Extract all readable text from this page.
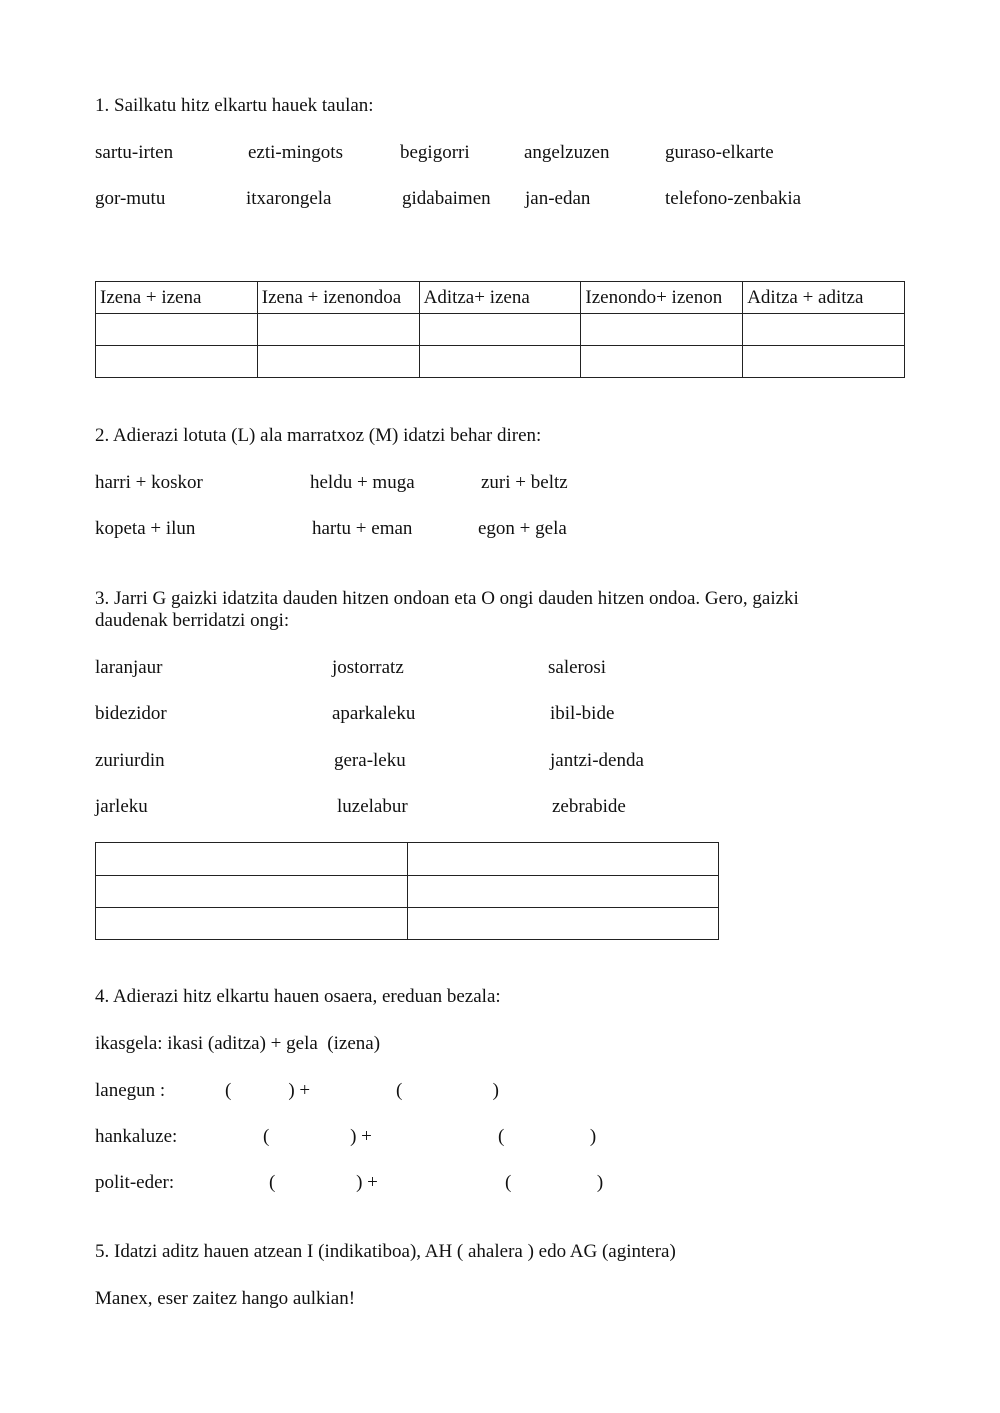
1. Sailkatu hitz elkartu hauek taulan:
sartu-irten	ezti-mingots	begigorri	angelzuzen	guraso-elkarte
gor-mutu	itxarongela	gidabaimen jan-edan	telefono-zenbakia
Izena + izena	Izena + izenondoa	Aditza+ izena	Izenondo+ izenon	Aditza + aditza

2. Adierazi lotuta (L) ala marratxoz (M) idatzi behar diren:
harri + koskor	heldu + muga	zuri + beltz
kopeta + ilun	hartu + eman	egon + gela
3. Jarri G gaizki idatzita dauden hitzen ondoan eta O ongi dauden hitzen ondoa. Gero, gaizki
daudenak berridatzi ongi:
laranjaur	jostorratz	salerosi
bidezidor	aparkaleku	ibil-bide
zuriurdin	gera-leku	jantzi-denda
jarleku	luzelabur	zebrabide

4. Adierazi hitz elkartu hauen osaera, ereduan bezala:
ikasgela: ikasi (aditza) + gela  (izena)
lanegun :	(            ) +	(                   )
hankaluze:	(                 ) +	(                  )
polit-eder:	(                 ) +	(                  )
5. Idatzi aditz hauen atzean I (indikatiboa), AH ( ahalera ) edo AG (agintera)
Manex, eser zaitez hango aulkian!
